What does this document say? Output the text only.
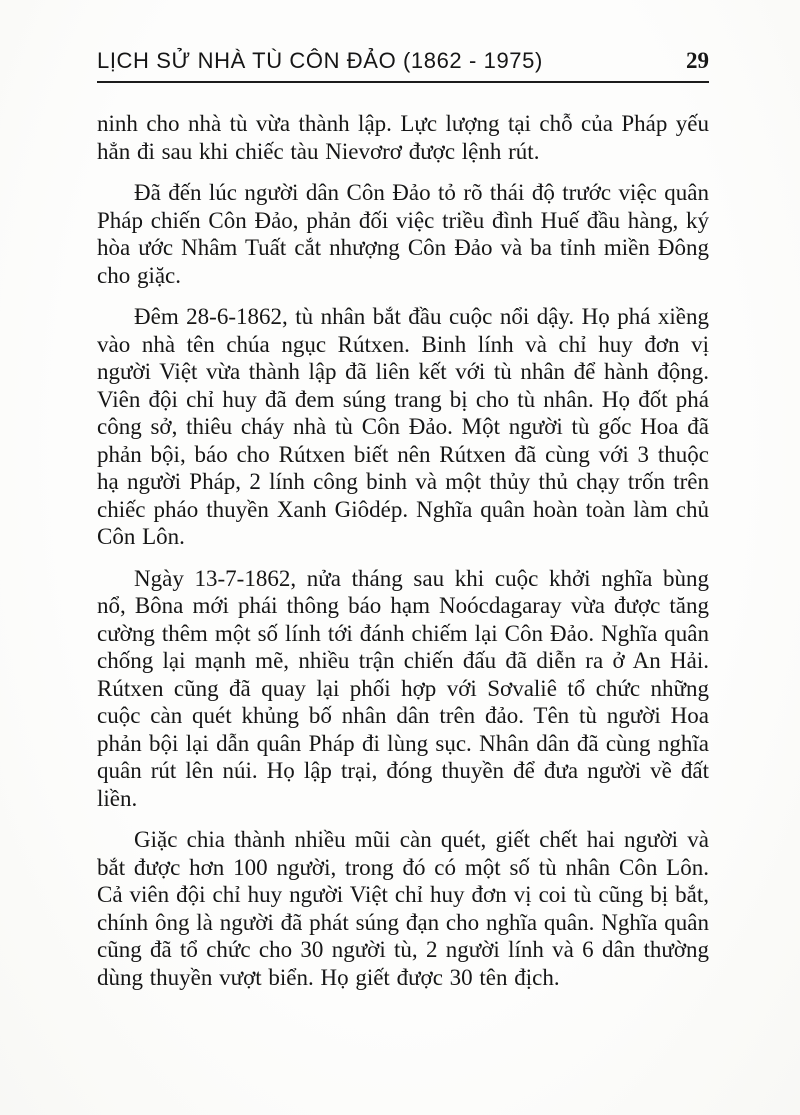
LỊCH SỬ NHÀ TÙ CÔN ĐẢO (1862 - 1975)	29

ninh cho nhà tù vừa thành lập. Lực lượng tại chỗ của Pháp yếu hẳn đi sau khi chiếc tàu Nievơrơ được lệnh rút.

Đã đến lúc người dân Côn Đảo tỏ rõ thái độ trước việc quân Pháp chiến Côn Đảo, phản đối việc triều đình Huế đầu hàng, ký hòa ước Nhâm Tuất cắt nhượng Côn Đảo và ba tỉnh miền Đông cho giặc.

Đêm 28-6-1862, tù nhân bắt đầu cuộc nổi dậy. Họ phá xiềng vào nhà tên chúa ngục Rútxen. Binh lính và chỉ huy đơn vị người Việt vừa thành lập đã liên kết với tù nhân để hành động. Viên đội chỉ huy đã đem súng trang bị cho tù nhân. Họ đốt phá công sở, thiêu cháy nhà tù Côn Đảo. Một người tù gốc Hoa đã phản bội, báo cho Rútxen biết nên Rútxen đã cùng với 3 thuộc hạ người Pháp, 2 lính công binh và một thủy thủ chạy trốn trên chiếc pháo thuyền Xanh Giôdép. Nghĩa quân hoàn toàn làm chủ Côn Lôn.

Ngày 13-7-1862, nửa tháng sau khi cuộc khởi nghĩa bùng nổ, Bôna mới phái thông báo hạm Noócdagaray vừa được tăng cường thêm một số lính tới đánh chiếm lại Côn Đảo. Nghĩa quân chống lại mạnh mẽ, nhiều trận chiến đấu đã diễn ra ở An Hải. Rútxen cũng đã quay lại phối hợp với Sơvaliê tổ chức những cuộc càn quét khủng bố nhân dân trên đảo. Tên tù người Hoa phản bội lại dẫn quân Pháp đi lùng sục. Nhân dân đã cùng nghĩa quân rút lên núi. Họ lập trại, đóng thuyền để đưa người về đất liền.

Giặc chia thành nhiều mũi càn quét, giết chết hai người và bắt được hơn 100 người, trong đó có một số tù nhân Côn Lôn. Cả viên đội chỉ huy người Việt chỉ huy đơn vị coi tù cũng bị bắt, chính ông là người đã phát súng đạn cho nghĩa quân. Nghĩa quân cũng đã tổ chức cho 30 người tù, 2 người lính và 6 dân thường dùng thuyền vượt biển. Họ giết được 30 tên địch.
